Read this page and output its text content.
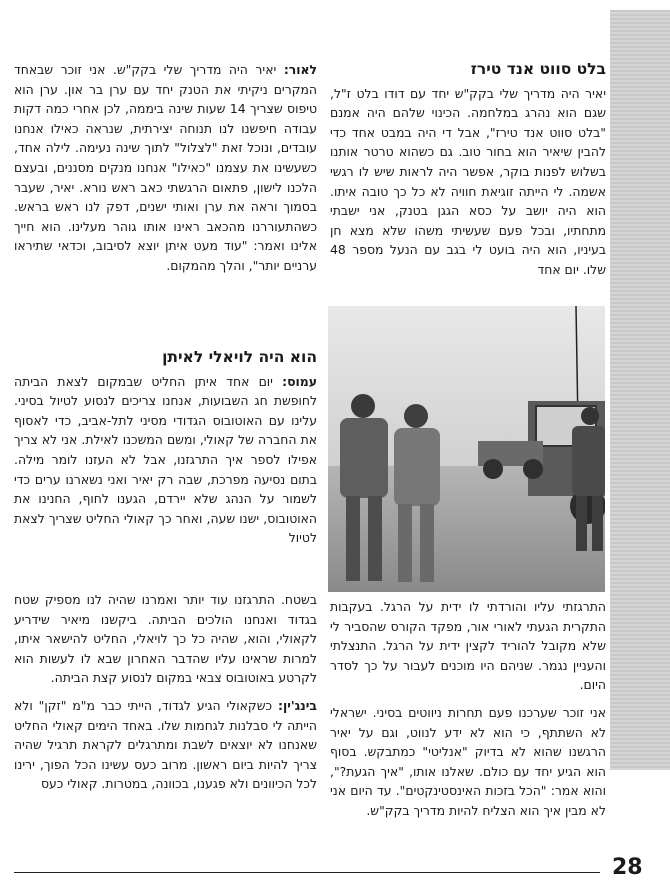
בלט סווט אנד טירז

יאיר היה מדריך שלי בקק"ש יחד עם דודו בלט ז"ל, שגם הוא נהרג במלחמה. הכינוי שלהם היה אמנם "בלט סווט אנד טירז", אבל די היה במבט אחד כדי להבין שיאיר הוא בחור טוב. גם כשהוא טרטר אותנו בשלוש לפנות בוקר, אפשר היה לראות שיש לו רגשי אשמה. לי הייתה זוגיאת חוויה לא כל כך טובה איתו. הוא היה יושב על כסא הגגן בטנק, אני ישבתי מתחתיו, ובכל פעם שעשיתי משהו שלא מצא חן בעיניו, הוא היה בועט לי בגב עם הנעל מספר 48 שלו. יום אחד

התרגזתי עליו והורדתי לו ידית על הרגל. בעקבות התקרית הגעתי לאורי אור, מפקד הקורס שהסביר לי שלא מקובל להוריד לקצין ידית על הרגל. התנצלתי והעניין נגמר. שניהם היו מוכנים לעבור על כך לסדר היום.

אני זוכר שערכנו פעם תחרות ניווטים בסיני. ישראלי לא השתתף, כי הוא לא ידע לנווט, וגם על יאיר הרגשנו שהוא לא בדיוק "אנליטי" כמתבקש. בסוף הוא הגיע יחד עם כולם. שאלנו אותו, "איך הגעת?", והוא אמר: "הכל בזכות האינסטינקטים". עד היום אני לא מבין איך הוא הצליח להיות מדריך בקק"ש.

לאור: יאיר היה מדריך שלי בקק"ש. אני זוכר שבאחד המקרים ניקיתי את הטנק יחד עם ערן בר און. ערן הוא טיפוס שצריך 14 שעות שינה ביממה, לכן אחרי כמה דקות עבודה חיפשנו לנו תנוחה יצירתית, שנראה כאילו אנחנו עובדים, ונוכל זאת "לצלול" לתוך שינה נעימה. לילה אחד, כשעשינו את עצמנו "כאילו" אנחנו מנקים מסננים, ובעצם הלכנו לישון, פתאום הרגשתי כאב ראש נורא. יאיר, שעבר בסמוך וראה את ערן ואותי ישנים, דפק לנו ראש בראש. כשהתעוררנו מהכאב ראינו אותו גוהר מעלינו. הוא חייך אלינו ואמר: "עוד מעט איתן יוצא לסיבוב, וכדאי שתיראו ערניים יותר", והלך מהמקום.

הוא היה לויאלי לאיתן

עמוס: יום אחד איתן החליט שבמקום לצאת הביתה לחופשת חג השבועות, אנחנו צריכים לנסוע לטיול בסיני. עלינו עם האוטובוס הגדודי מסיני לתל-אביב, כדי לאסוף את החברה של קאולי, ומשם המשכנו לאילת. אני לא צריך אפילו לספר איך התרגזנו, אבל לא העזנו לומר מילה. בתום נסיעה מפרכת, שבה רק יאיר ואני נשארנו ערים כדי לשמור על הנהג שלא יירדם, הגענו לחוף, החנינו את האוטובוס, ישנו שעה, ואחר כך קאולי החליט שצריך לצאת לטיול

בשטח. התרגזנו עוד יותר ואמרנו שהיה לנו מספיק שטח בגדוד ואנחנו הולכים הביתה. ביקשנו מיאיר שידריע לקאולי, והוא, שהיה כל כך לויאלי, החליט להישאר איתו, למרות שראינו עליו שהדבר האחרון שבא לו לעשות הוא לקרטע באוטובוס צבאי במקום לנסוע קצת הביתה.

בינג'ין: כשקאולי הגיע לגדוד, הייתי כבר מ"מ "זקן" ולא הייתה לי סבלנות לגחמות שלו. באחד הימים קאולי החליט שאנחנו לא יוצאים לשבת ומתרגלים לקראת תרגיל שהיה צריך להיות ביום ראשון. מרוב כעס עשינו הכל הפוך, ירינו לכל הכיוונים ולא פגענו, בכוונה, במטרות. קאולי כעס

28
